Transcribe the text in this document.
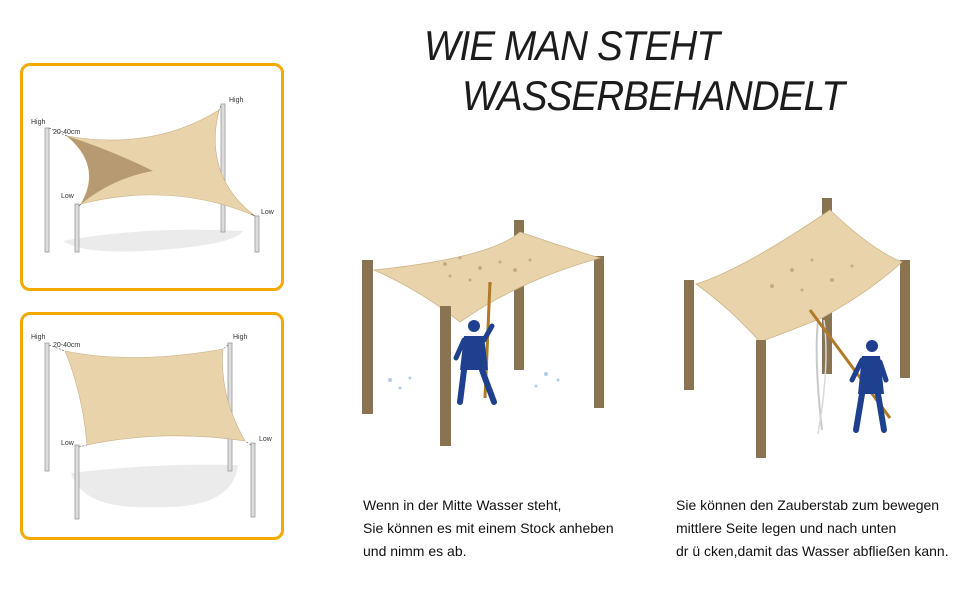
WIE MAN STEHT
WASSERBEHANDELT
High
20-40cm
High
Low
Low
High
20-40cm
High
Low
Low

Wenn in der Mitte Wasser steht,
Sie können es mit einem Stock anheben
und nimm es ab.

Sie können den Zauberstab zum bewegen
mittlere Seite legen und nach unten
dr ü cken,damit das Wasser abfließen kann.
